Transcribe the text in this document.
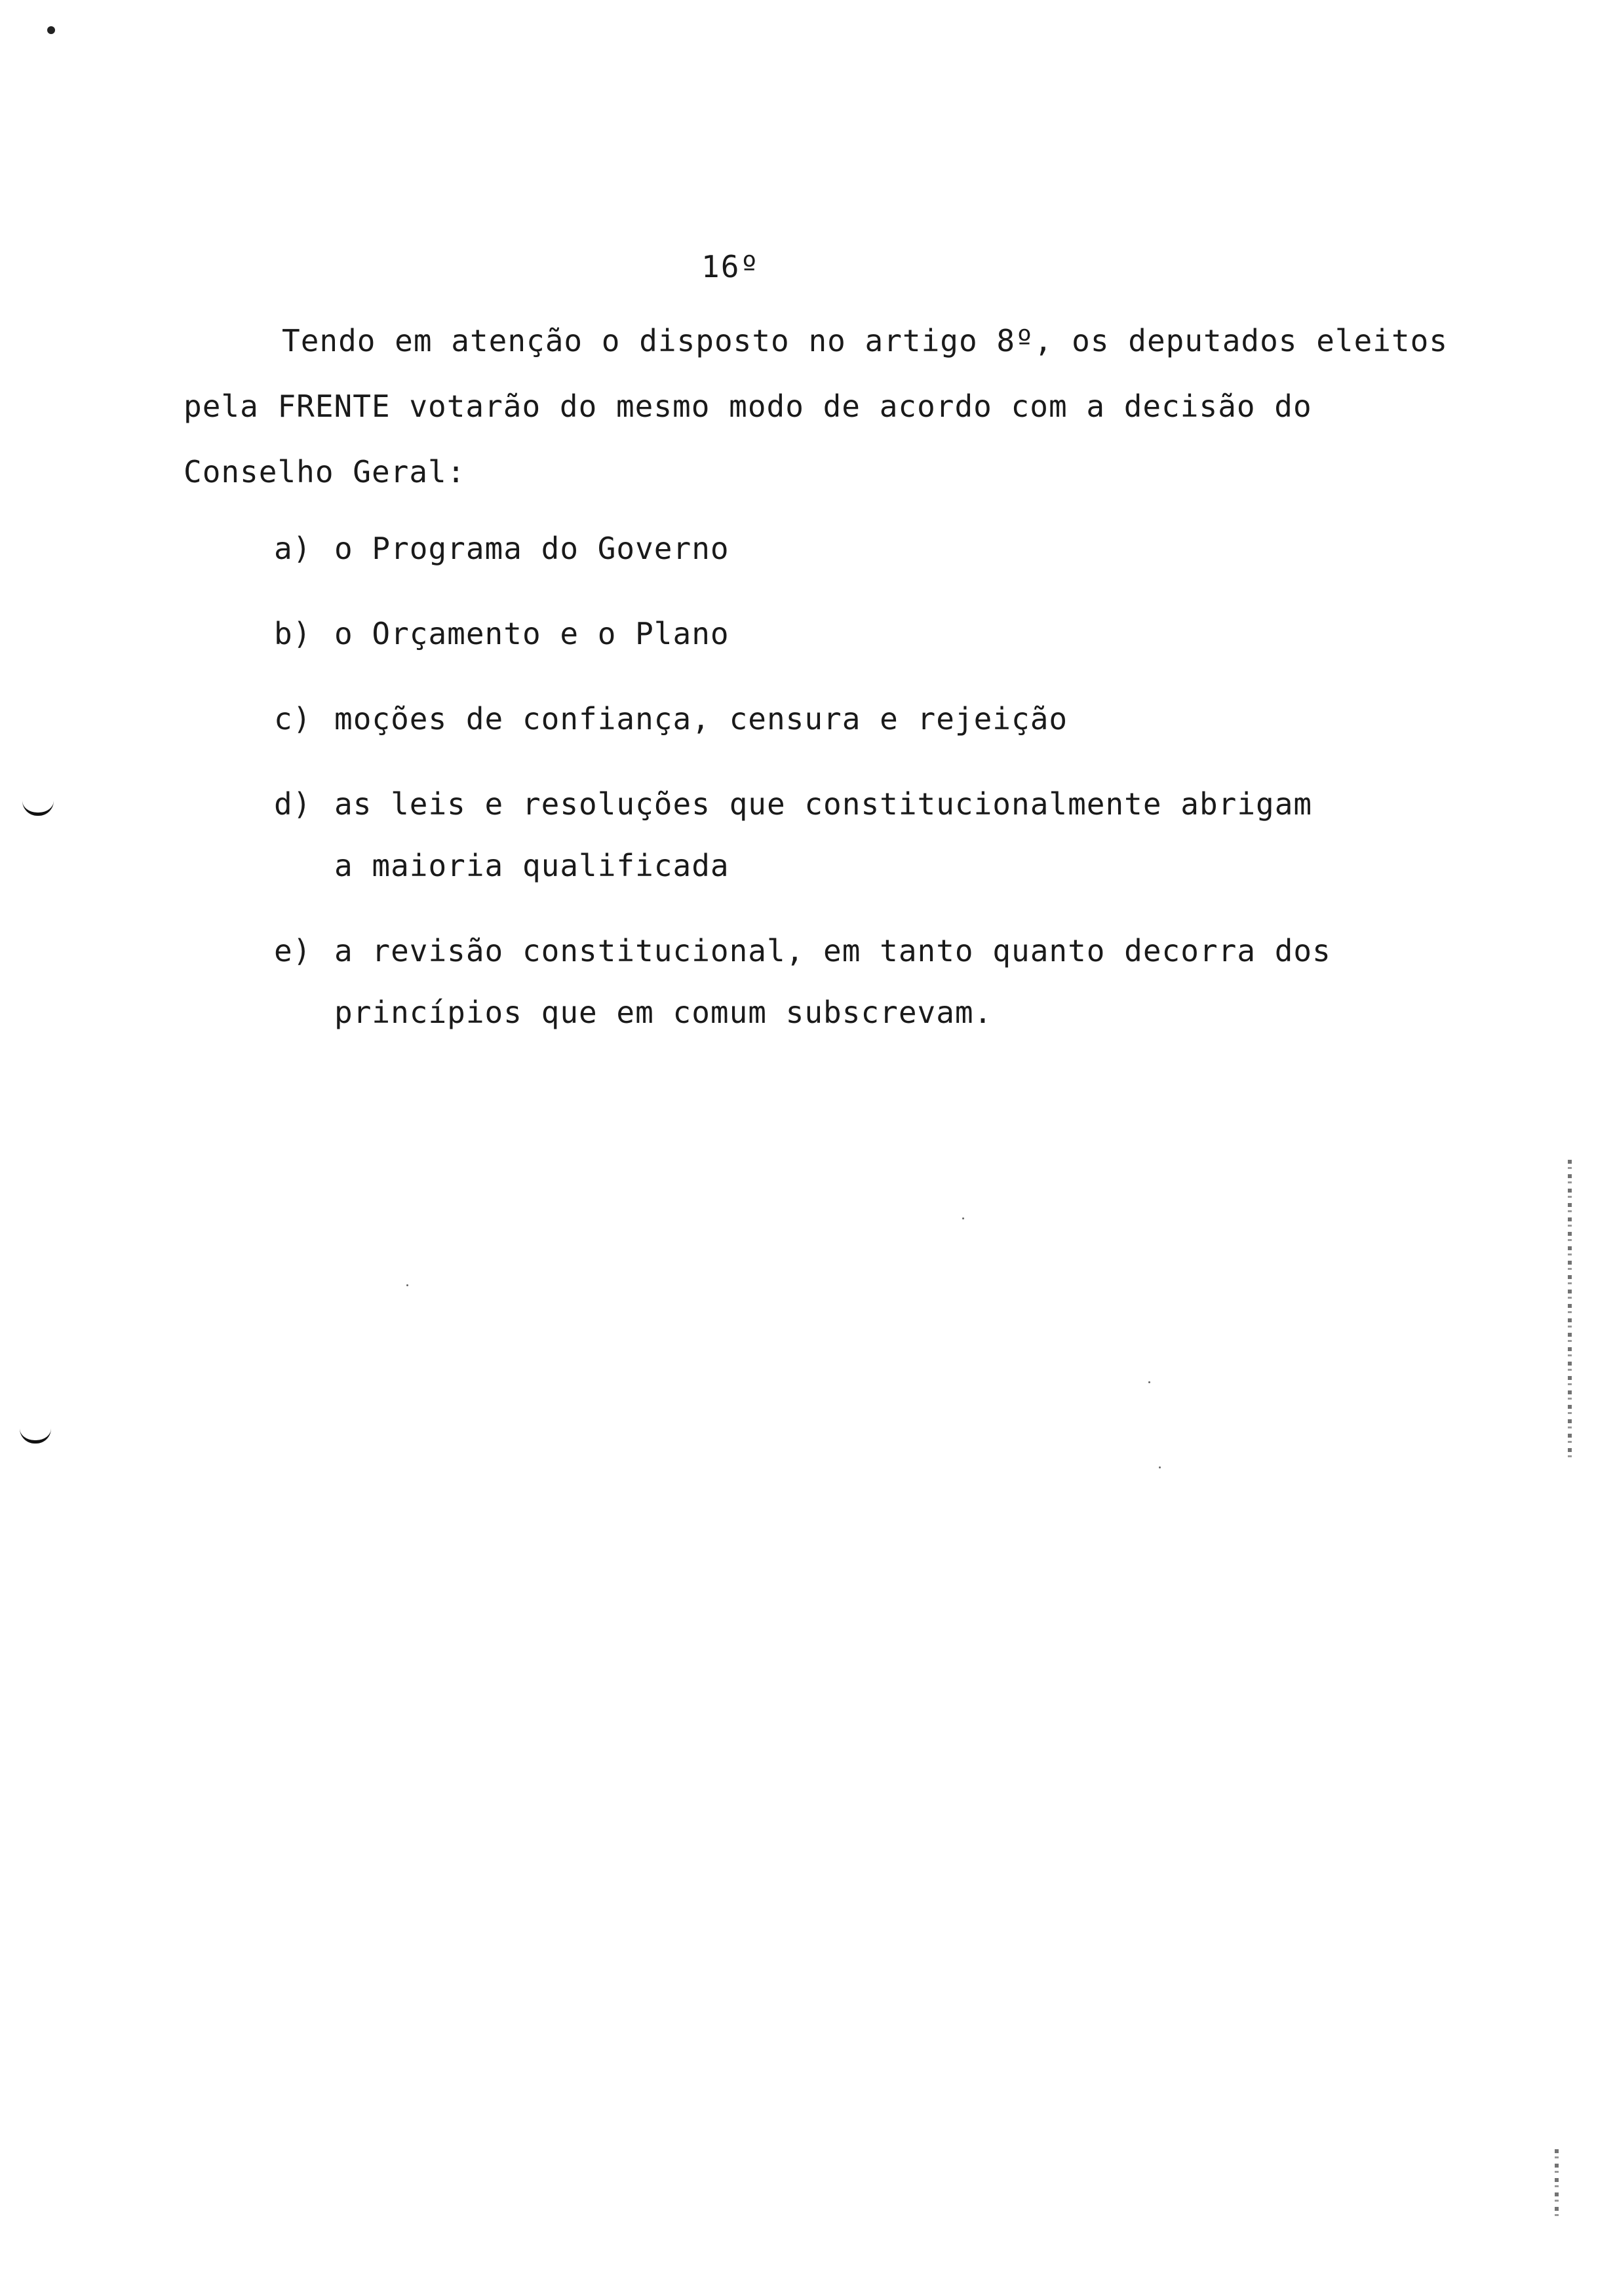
16º
Tendo em atenção o disposto no artigo 8º, os deputados eleitos
pela FRENTE votarão do mesmo modo de acordo com a decisão do
Conselho Geral:
a) o Programa do Governo
b) o Orçamento e o Plano
c) moções de confiança, censura e rejeição
d) as leis e resoluções que constitucionalmente abrigam
a maioria qualificada
e) a revisão constitucional, em tanto quanto decorra dos
princípios que em comum subscrevam.
